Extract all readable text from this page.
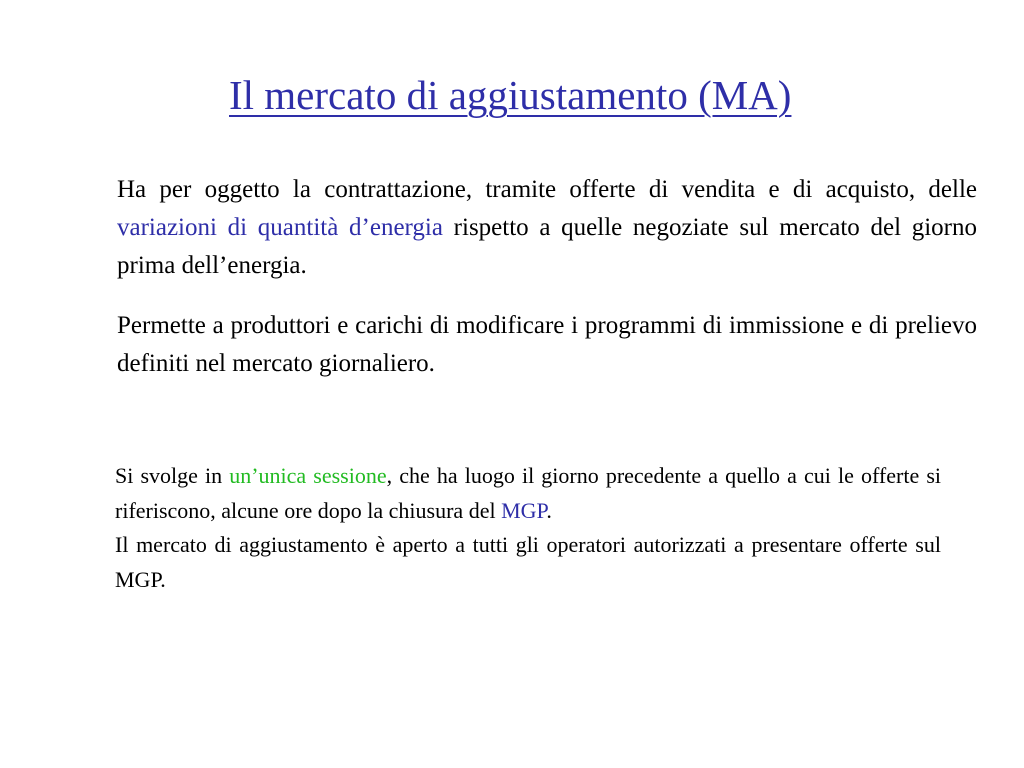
Il mercato di aggiustamento (MA)

Ha per oggetto la contrattazione, tramite offerte di vendita e di acquisto, delle variazioni di quantità d’energia rispetto a quelle negoziate sul mercato del giorno prima dell’energia.

Permette a produttori e carichi di modificare i programmi di immissione e di prelievo definiti nel mercato giornaliero.

Si svolge in un’unica sessione, che ha luogo il giorno precedente a quello a cui le offerte si riferiscono, alcune ore dopo la chiusura del MGP.
Il mercato di aggiustamento è aperto a tutti gli operatori autorizzati a presentare offerte sul MGP.
